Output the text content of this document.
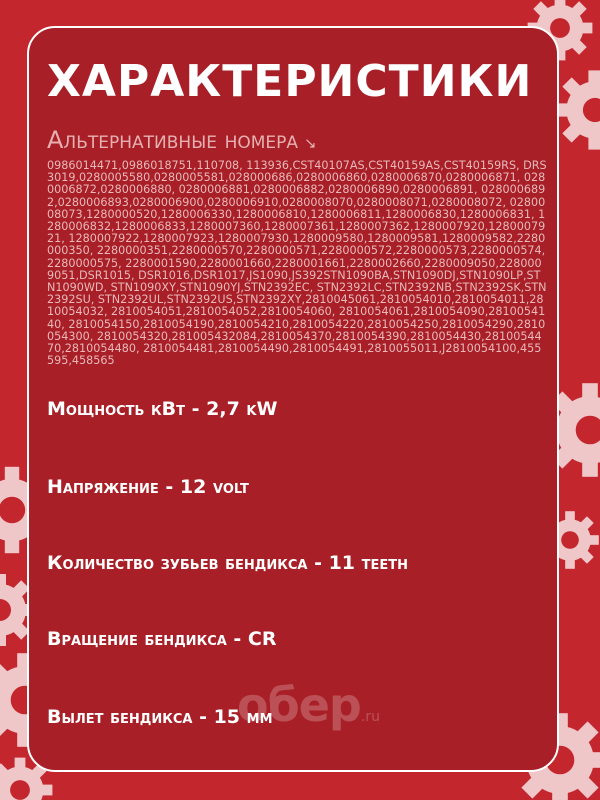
ХАРАКТЕРИСТИКИ
Альтернативные номера ↘

0986014471,0986018751,110708, 113936,CST40107AS,CST40159AS,CST40159RS, DRS3019,0280005580,0280005581,028000686,0280006860,0280006870,0280006871, 0280006872,0280006880, 0280006881,0280006882,0280006890,0280006891, 0280006892,0280006893,0280006900,0280006910,0280008070,0280008071,0280008072, 0280008073,1280000520,1280006330,1280006810,1280006811,1280006830,1280006831, 1280006832,1280006833,1280007360,1280007361,1280007362,1280007920,1280007921, 1280007922,1280007923,1280007930,1280009580,1280009581,1280009582,2280000350, 2280000351,2280000570,2280000571,2280000572,2280000573,2280000574,2280000575, 2280001590,2280001660,2280001661,2280002660,2280009050,2280009051,DSR1015, DSR1016,DSR1017,JS1090,JS392STN1090BA,STN1090DJ,STN1090LP,STN1090WD, STN1090XY,STN1090YJ,STN2392EC, STN2392LC,STN2392NB,STN2392SK,STN2392SU, STN2392UL,STN2392US,STN2392XY,2810045061,2810054010,2810054011,2810054032, 2810054051,2810054052,2810054060, 2810054061,2810054090,2810054140, 2810054150,2810054190,2810054210,2810054220,2810054250,2810054290,2810054300, 2810054320,281005432084,2810054370,2810054390,2810054430,2810054470,2810054480, 2810054481,2810054490,2810054491,2810055011,J2810054100,455595,458565

Мощность кВт - 2,7 kW
Напряжение - 12 volt
Количество зубьев бендикса - 11 teeth
Вращение бендикса - CR
Вылет бендикса - 15 мм
обер.ru
